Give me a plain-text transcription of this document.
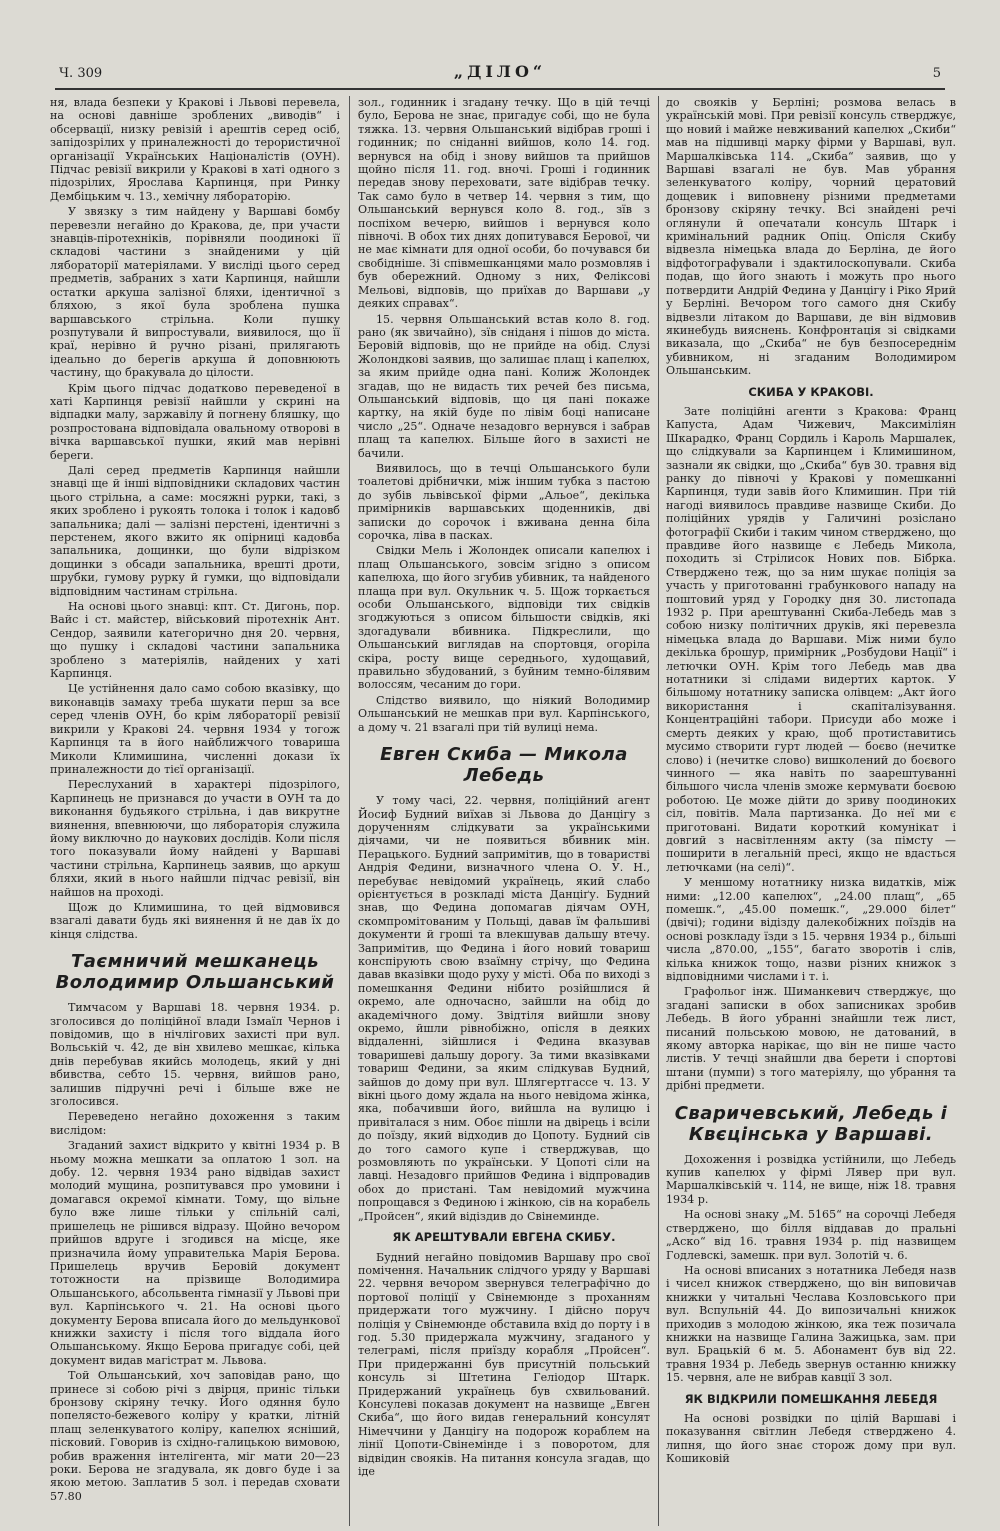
Ч. 309	„ДІЛО“	5

ня, влада безпеки у Кракові і Львові перевела, на основі давніше зроблених „виводів“ і обсервації, низку ревізій і арештів серед осіб, запідозрілих у приналежності до терористичної організації Українських Націоналістів (ОУН). Підчас ревізії викрили у Кракові в хаті одного з підозрілих, Ярослава Карпинця, при Ринку Дембіцьким ч. 13., хемічну лябораторію.

У звязку з тим найдену у Варшаві бомбу перевезли негайно до Кракова, де, при участи знавців-піротехніків, порівняли поодинокі її складові частини з знайденими у цій лябораторії матеріялами. У висліді цього серед предметів, забраних з хати Карпинця, найшли остатки аркуша залізної бляхи, ідентичної з бляхою, з якої була зроблена пушка варшавського стрільна. Коли пушку розпутували й випростували, виявилося, що її краї, нерівно й ручно різані, прилягають ідеально до берегів аркуша й доповнюють частину, що бракувала до цілости.

Крім цього підчас додатково переведеної в хаті Карпинця ревізії найшли у скрині на відпадки малу, заржавілу й погнену бляшку, що розпростована відповідала овальному отворові в вічка варшавської пушки, який мав нерівні береги.

Далі серед предметів Карпинця найшли знавці ще й інші відповідники складових частин цього стрільна, а саме: мосяжні рурки, такі, з яких зроблено і рукоять толока і толок і кадовб запальника; далі — залізні перстені, ідентичні з перстенем, якого вжито як опірниці кадовба запальника, дощинки, що були відрізком дощинки з обсади запальника, врешті дроти, шрубки, гумову рурку й гумки, що відповідали відповідним частинам стрільна.

На основі цього знавці: кпт. Ст. Дигонь, пор. Вайс і ст. майстер, військовий піротехнік Ант. Сендор, заявили категорично дня 20. червня, що пушку і складові частини запальника зроблено з матеріялів, найдених у хаті Карпинця.

Це устійнення дало само собою вказівку, що виконавців замаху треба шукати перш за все серед членів ОУН, бо крім лябораторії ревізії викрили у Кракові 24. червня 1934 у тогож Карпинця та в його найближчого товариша Миколи Климишина, численні докази їх приналежности до тієї організації.

Переслуханий в характері підозрілого, Карпинець не признався до участи в ОУН та до виконання будьякого стрільна, і дав викрутне виянення, впевнюючи, що лябораторія служила йому виключно до наукових дослідів. Коли після того показували йому найдені у Варшаві частини стрільна, Карпинець заявив, що аркуш бляхи, який в нього найшли підчас ревізії, він найшов на проході.

Щож до Климишина, то цей відмовився взагалі давати будь які виянення й не дав їх до кінця слідства.

Таємничий мешканець Володимир Ольшанський

Тимчасом у Варшаві 18. червня 1934. р. зголосився до поліційної влади Ізмаїл Чернов і повідомив, що в нічлігових захисті при вул. Вольській ч. 42, де він хвилево мешкає, кілька днів перебував якийсь молодець, який у дні вбивства, себто 15. червня, вийшов рано, залишив підручні речі і більше вже не зголосився.

Переведено негайно дохоження з таким вислідом:

Згаданий захист відкрито у квітні 1934 р. В ньому можна мешкати за оплатою 1 зол. на добу. 12. червня 1934 рано відвідав захист молодий мущина, розпитувався про умовини і домагався окремої кімнати. Тому, що вільне було вже лише тільки у спільній салі, пришелець не рішився відразу. Щойно вечором прийшов вдруге і згодився на місце, яке призначила йому управителька Марія Берова. Пришелець вручив Беровій документ тотожности на прізвище Володимира Ольшанського, абсольвента гімназії у Львові при вул. Карпінського ч. 21. На основі цього документу Берова вписала його до мельдункової книжки захисту і після того віддала його Ольшанському. Якщо Берова пригадує собі, цей документ видав магістрат м. Львова.

Той Ольшанський, хоч заповідав рано, що принесе зі собою річі з двірця, приніс тільки бронзову скіряну течку. Його одяння було попелясто-бежевого коліру у кратки, літній плащ зеленкуватого коліру, капелюх ясніший, пісковий. Говорив із східно-галицькою вимовою, робив враження інтелігента, міг мати 20—23 роки. Берова не згадувала, як довго буде і за якою метою. Заплатив 5 зол. і передав сховати 57.80

зол., годинник і згадану течку. Що в цій течці було, Берова не знає, пригадує собі, що не була тяжка. 13. червня Ольшанський відібрав гроші і годинник; по сніданні вийшов, коло 14. год. вернувся на обід і знову вийшов та прийшов щойно після 11. год. вночі. Гроші і годинник передав знову переховати, зате відібрав течку. Так само було в четвер 14. червня з тим, що Ольшанський вернувся коло 8. год., зїв з поспіхом вечерю, вийшов і вернувся коло півночі. В обох тих днях допитувався Берової, чи не має кімнати для одної особи, бо почувався би свобідніше. Зі співмешканцями мало розмовляв і був обережний. Одному з них, Феліксові Мельові, відповів, що приїхав до Варшави „у деяких справах“.

15. червня Ольшанський встав коло 8. год. рано (як звичайно), зїв сніданя і пішов до міста. Беровій відповів, що не прийде на обід. Слузі Жолондкові заявив, що залишає плащ і капелюх, за яким прийде одна пані. Колиж Жолондек згадав, що не видасть тих речей без письма, Ольшанський відповів, що ця пані покаже картку, на якій буде по лівім боці написане число „25“. Одначе незадовго вернувся і забрав плащ та капелюх. Більше його в захисті не бачили.

Виявилось, що в течці Ольшанського були тоалетові дрібнички, між іншим тубка з пастою до зубів львівської фірми „Альое“, декілька примірників варшавських щоденників, дві записки до сорочок і вживана денна біла сорочка, ліва в пасках.

Свідки Мель і Жолондек описали капелюх і плащ Ольшанського, зовсім згідно з описом капелюха, що його згубив убивник, та найденого плаща при вул. Окульник ч. 5. Щож торкається особи Ольшанського, відповіди тих свідків згоджуються з описом більшости свідків, які здогадували вбивника. Підкреслили, що Ольшанський виглядав на спортовця, огоріла скіра, росту вище середнього, худощавий, правильно збудований, з буйним темно-білявим волоссям, чесаним до гори.

Слідство виявило, що ніякий Володимир Ольшанський не мешкав при вул. Карпінського, а дому ч. 21 взагалі при тій вулиці нема.

Евген Скиба — Микола Лебедь

У тому часі, 22. червня, поліційний агент Йосиф Будний виїхав зі Львова до Данцігу з дорученням слідкувати за українськими діячами, чи не появиться вбивник мін. Перацького. Будний запримітив, що в товаристві Андрія Федини, визначного члена О. У. Н., перебуває невідомий українець, який слабо орієнтується в розкладі міста Данціґу. Будний знав, що Федина допомагав діячам ОУН, скомпромітованим у Польщі, давав їм фальшиві документи й гроші та влекшував дальшу втечу. Запримітив, що Федина і його новий товариш конспірують свою взаїмну стрічу, що Федина давав вказівки щодо руху у місті. Оба по виході з помешкання Федини нібито розійшлися й окремо, але одночасно, зайшли на обід до академічного дому. Звідтіля вийшли знову окремо, йшли рівнобіжно, опісля в деяких віддаленні, зійшлися і Федина вказував товаришеві дальшу дорогу. За тими вказівками товариш Федини, за яким слідкував Будний, зайшов до дому при вул. Шлягертгассе ч. 13. У вікні цього дому ждала на нього невідома жінка, яка, побачивши його, вийшла на вулицю і привіталася з ним. Обоє пішли на двірець і всіли до поїзду, який відходив до Цопоту. Будний сів до того самого купе і стверджував, що розмовляють по українськи. У Цопоті сіли на лавці. Незадовго прийшов Федина і відпровадив обох до пристані. Там невідомий мужчина попрощався з Фединою і жінкою, сів на корабель „Пройсен“, який відіздив до Свінеминде.

ЯК АРЕШТУВАЛИ ЕВГЕНА СКИБУ.

Будний негайно повідомив Варшаву про свої помічення. Начальник слідчого уряду у Варшаві 22. червня вечором звернувся телеграфічно до портової поліції у Свінемюнде з проханням придержати того мужчину. І дійсно поруч поліція у Свінемюнде обставила вхід до порту і в год. 5.30 придержала мужчину, згаданого у телеграмі, після приїзду корабля „Пройсен“. При придержанні був присутній польський консуль зі Штетина Геліодор Штарк. Придержаний українець був схвильований. Консулеві показав документ на назвище „Евген Скиба“, що його видав генеральний консулят Німеччини у Данцігу на подорож кораблем на лінії Цопоти-Свінемінде і з поворотом, для відвідин свояків. На питання консула згадав, що іде

до свояків у Берліні; розмова велась в українській мові. При ревізії консуль стверджує, що новий і майже невживаний капелюх „Скиби“ мав на підшивці марку фірми у Варшаві, вул. Маршалківська 114. „Скиба“ заявив, що у Варшаві взагалі не був. Мав убрання зеленкуватого коліру, чорний цератовий дощевик і виповнену різними предметами бронзову скіряну течку. Всі знайдені речі оглянули й опечатали консуль Штарк і кримінальний радник Опіц. Опісля Скибу відвезла німецька влада до Берліна, де його відфотографували і здактилоскопували. Скиба подав, що його знають і можуть про нього потвердити Андрій Федина у Данцігу і Ріко Ярий у Берліні. Вечором того самого дня Скибу відвезли літаком до Варшави, де він відмовив якинебудь вияснень. Конфронтація зі свідками виказала, що „Скиба“ не був безпосереднім убивником, ні згаданим Володимиром Ольшанським.

СКИБА У КРАКОВІ.

Затe поліційні агенти з Кракова: Франц Капуста, Адам Чижевич, Максиміліян Шкарадко, Франц Сордиль і Кароль Маршалек, що слідкували за Карпинцем і Климишином, зазнали як свідки, що „Скиба“ був 30. травня від ранку до півночі у Кракові у помешканні Карпинця, туди завів його Климишин. При тій нагоді виявилось правдиве назвище Скиби. До поліційних урядів у Галичині розіслано фотографії Скиби і таким чином стверджено, що правдиве його назвище є Лебедь Микола, походить зі Стрілисок Нових пов. Бібрка. Стверджено теж, що за ним шукає поліція за участь у приготованні грабункового нападу на поштовий уряд у Городку дня 30. листопада 1932 р. При арештуванні Скиба-Лебедь мав з собою низку політичних друків, які перевезла німецька влада до Варшави. Між ними було декілька брошур, примірник „Розбудови Нації“ і летючки ОУН. Крім того Лебедь мав два нотатники зі слідами видертих карток. У більшому нотатнику записка олівцем: „Акт його використання і скапіталізування. Концентраційні табори. Присуди або може і смерть деяких у краю, щоб протиставитись мусимо створити гурт людей — боєво (нечитке слово) і (нечитке слово) вишколений до боєвого чинного — яка навіть по заарештуванні більшого числа членів зможе кермувати боєвою роботою. Це може дійти до зриву поодиноких сіл, повітів. Мала партизанка. До неї ми є приготовані. Видати короткий комунікат і довгий з насвітленням акту (за пімсту — поширити в легальній пресі, якщо не вдасться летючками (на селі)“.

У меншому нотатнику низка видатків, між ними: „12.00 капелюх“, „24.00 плащ“, „65 помешк.“, „45.00 помешк.“, „29.000 білет“ (двічі); години відізду далекобіжних поїздів на основі розкладу їзди з 15. червня 1934 р., більші числа „870.00, „155“, багато зворотів і слів, кілька книжок тощо, назви різних книжок з відповідними числами і т. і.

Графольог інж. Шиманкевич стверджує, що згадані записки в обох записниках зробив Лебедь. В його убранні знайшли теж лист, писаний польською мовою, не датований, в якому авторка нарікає, що він не пише часто листів. У течці знайшли два берети і спортові штани (пумпи) з того матеріялу, що убрання та дрібні предмети.

Сваричевський, Лебедь і Квєцінська у Варшаві.

Дохоження і розвідка устійнили, що Лебедь купив капелюх у фірмі Лявер при вул. Маршалківській ч. 114, не вище, ніж 18. травня 1934 р.

На основі знаку „М. 5165“ на сорочці Лебедя стверджено, що білля віддавав до пральні „Аско“ від 16. травня 1934 р. під назвищем Годлевскі, замешк. при вул. Золотій ч. 6.

На основі вписаних з нотатника Лебедя назв і чисел книжок стверджено, що він виповичав книжки у читальні Чеслава Козловського при вул. Вспульній 44. До випозичальні книжок приходив з молодою жінкою, яка теж позичала книжки на назвище Галина Зажицька, зам. при вул. Брацькій 6 м. 5. Абонамент був від 22. травня 1934 р. Лебедь звернув останню книжку 15. червня, але не вибрав кавції 3 зол.

ЯК ВІДКРИЛИ ПОМЕШКАННЯ ЛЕБЕДЯ

На основі розвідки по цілій Варшаві і показування світлин Лебедя стверджено 4. липня, що його знає сторож дому при вул. Кошиковій
